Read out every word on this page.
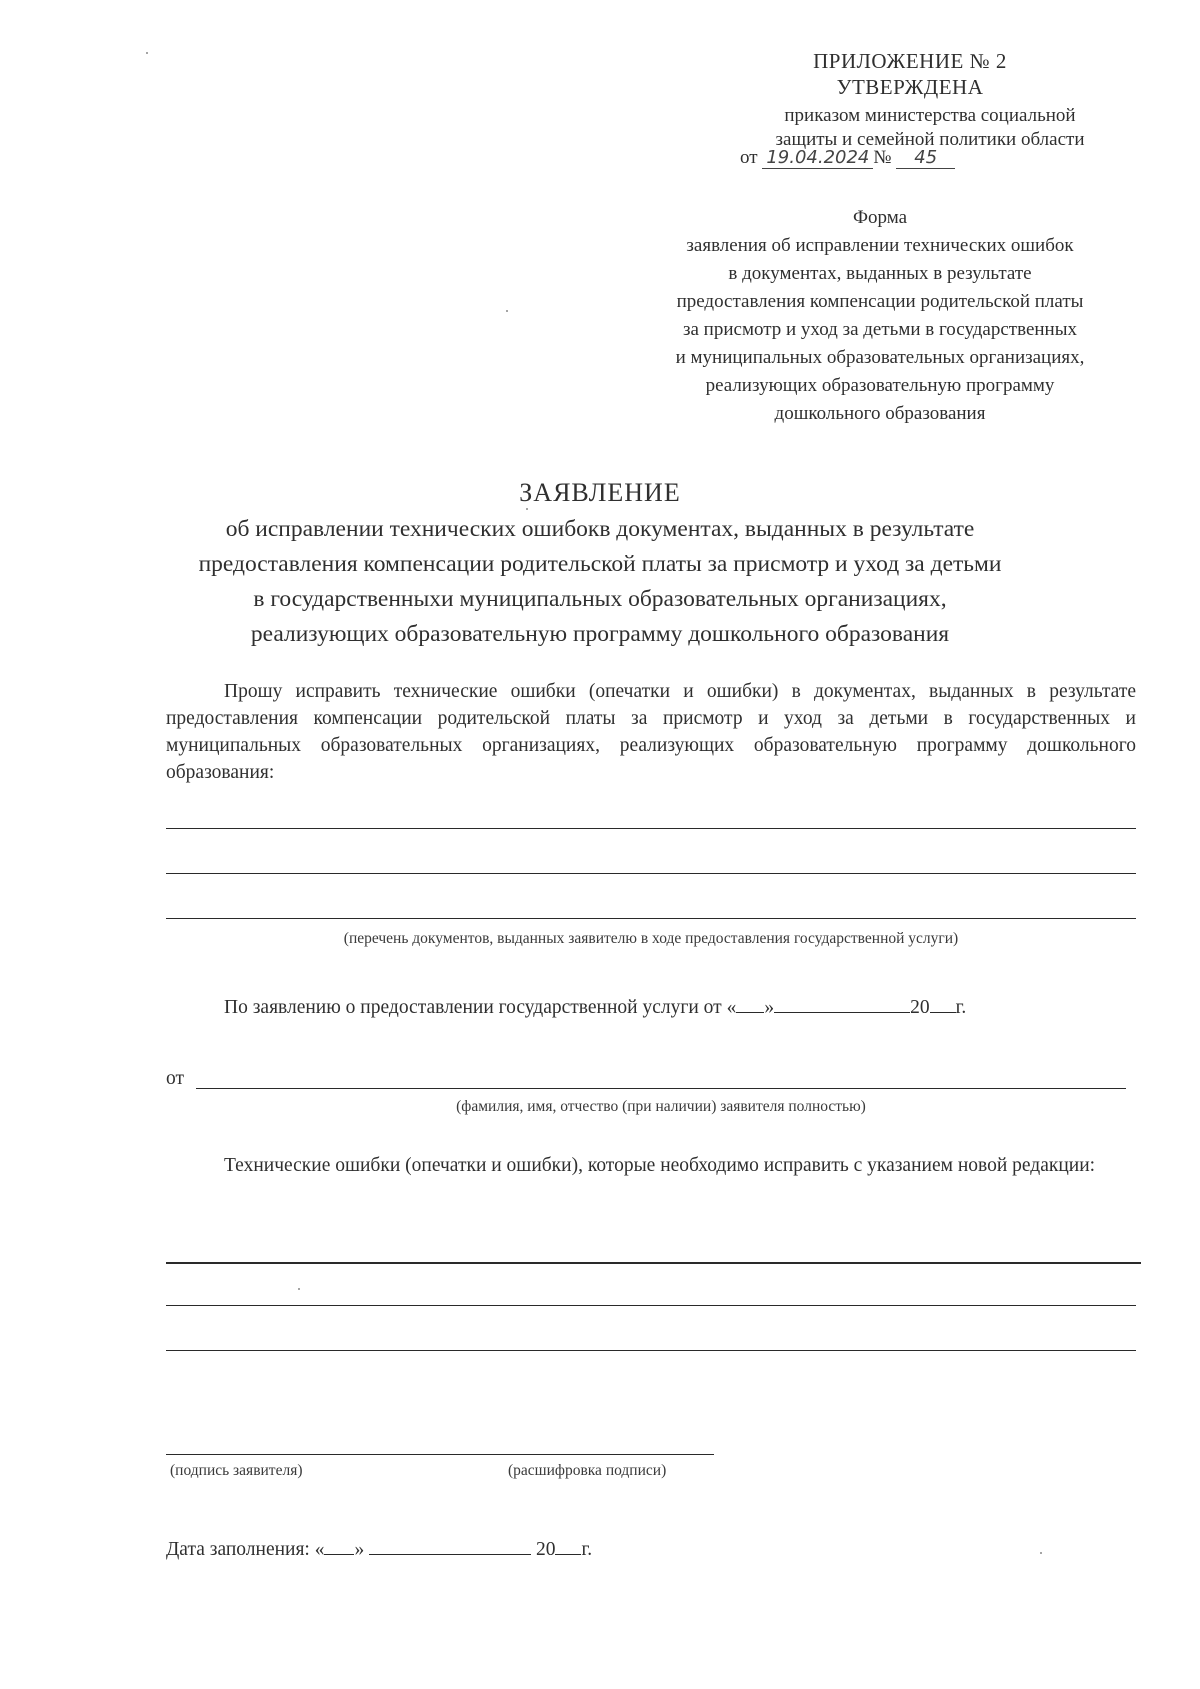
ПРИЛОЖЕНИЕ № 2
УТВЕРЖДЕНА
приказом министерства социальной
защиты и семейной политики области
от 19.04.2024 № 45
Форма
заявления об исправлении технических ошибок
в документах, выданных в результате
предоставления компенсации родительской платы
за присмотр и уход за детьми в государственных
и муниципальных образовательных организациях,
реализующих образовательную программу
дошкольного образования
ЗАЯВЛЕНИЕ
об исправлении технических ошибокв документах, выданных в результате
предоставления компенсации родительской платы за присмотр и уход за детьми
в государственныхи муниципальных образовательных организациях,
реализующих образовательную программу дошкольного образования
Прошу исправить технические ошибки (опечатки и ошибки) в документах, выданных в результате предоставления компенсации родительской платы за присмотр и уход за детьми в государственных и муниципальных образовательных организациях, реализующих образовательную программу дошкольного образования:
(перечень документов, выданных заявителю в ходе предоставления государственной услуги)
По заявлению о предоставлении государственной услуги от « »	20 г.
от
(фамилия, имя, отчество (при наличии) заявителя полностью)
Технические ошибки (опечатки и ошибки), которые необходимо исправить с указанием новой редакции:
(подпись заявителя)	(расшифровка подписи)
Дата заполнения: « »	20 г.
